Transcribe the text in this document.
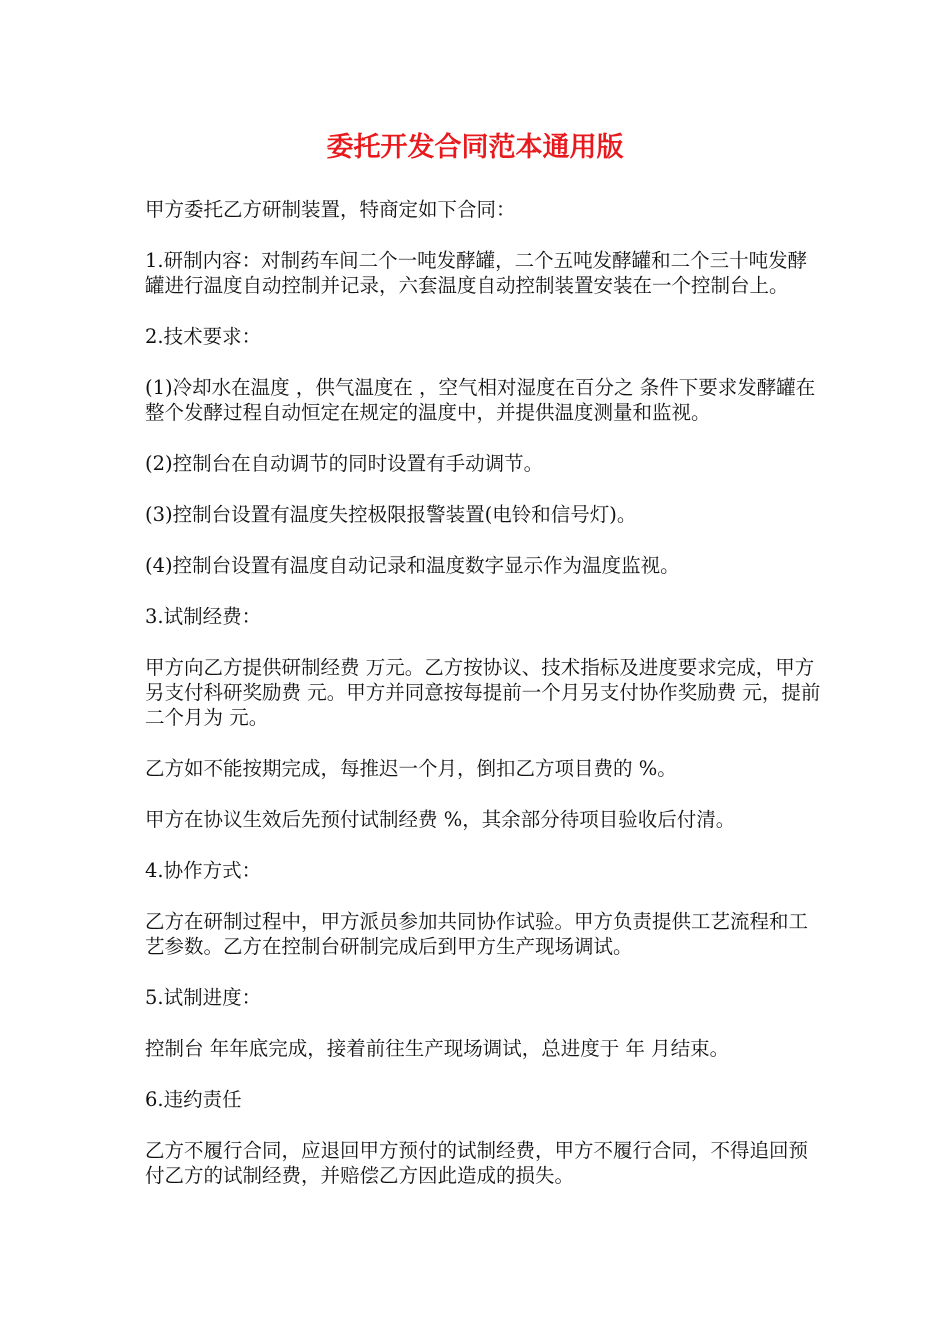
委托开发合同范本通用版

甲方委托乙方研制装置，特商定如下合同：

1.研制内容：对制药车间二个一吨发酵罐，二个五吨发酵罐和二个三十吨发酵罐进行温度自动控制并记录，六套温度自动控制装置安装在一个控制台上。

2.技术要求：

(1)冷却水在温度 ，供气温度在 ，空气相对湿度在百分之 条件下要求发酵罐在整个发酵过程自动恒定在规定的温度中，并提供温度测量和监视。

(2)控制台在自动调节的同时设置有手动调节。

(3)控制台设置有温度失控极限报警装置(电铃和信号灯)。

(4)控制台设置有温度自动记录和温度数字显示作为温度监视。

3.试制经费：

甲方向乙方提供研制经费 万元。乙方按协议、技术指标及进度要求完成，甲方另支付科研奖励费 元。甲方并同意按每提前一个月另支付协作奖励费 元，提前二个月为 元。

乙方如不能按期完成，每推迟一个月，倒扣乙方项目费的 %。

甲方在协议生效后先预付试制经费 %，其余部分待项目验收后付清。

4.协作方式：

乙方在研制过程中，甲方派员参加共同协作试验。甲方负责提供工艺流程和工艺参数。乙方在控制台研制完成后到甲方生产现场调试。

5.试制进度：

控制台 年年底完成，接着前往生产现场调试，总进度于 年 月结束。

6.违约责任

乙方不履行合同，应退回甲方预付的试制经费，甲方不履行合同，不得追回预付乙方的试制经费，并赔偿乙方因此造成的损失。
